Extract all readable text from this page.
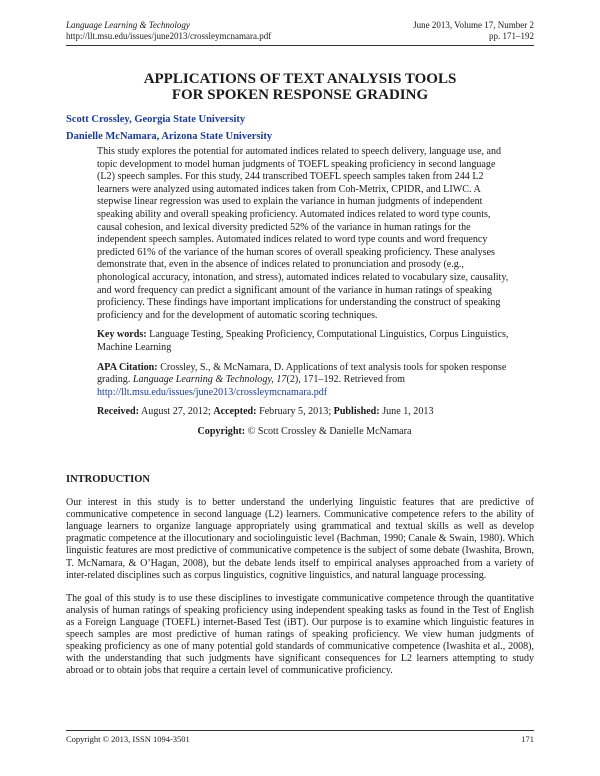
Language Learning & Technology	June 2013, Volume 17, Number 2
http://llt.msu.edu/issues/june2013/crossleymcnamara.pdf	pp. 171–192
APPLICATIONS OF TEXT ANALYSIS TOOLS
FOR SPOKEN RESPONSE GRADING
Scott Crossley, Georgia State University
Danielle McNamara, Arizona State University

This study explores the potential for automated indices related to speech delivery, language use, and topic development to model human judgments of TOEFL speaking proficiency in second language (L2) speech samples. For this study, 244 transcribed TOEFL speech samples taken from 244 L2 learners were analyzed using automated indices taken from Coh-Metrix, CPIDR, and LIWC. A stepwise linear regression was used to explain the variance in human judgments of independent speaking ability and overall speaking proficiency. Automated indices related to word type counts, causal cohesion, and lexical diversity predicted 52% of the variance in human ratings for the independent speech samples. Automated indices related to word type counts and word frequency predicted 61% of the variance of the human scores of overall speaking proficiency. These analyses demonstrate that, even in the absence of indices related to pronunciation and prosody (e.g., phonological accuracy, intonation, and stress), automated indices related to vocabulary size, causality, and word frequency can predict a significant amount of the variance in human ratings of speaking proficiency. These findings have important implications for understanding the construct of speaking proficiency and for the development of automatic scoring techniques.

Key words: Language Testing, Speaking Proficiency, Computational Linguistics, Corpus Linguistics, Machine Learning

APA Citation: Crossley, S., & McNamara, D. Applications of text analysis tools for spoken response grading. Language Learning & Technology, 17(2), 171–192. Retrieved from http://llt.msu.edu/issues/june2013/crossleymcnamara.pdf

Received: August 27, 2012; Accepted: February 5, 2013; Published: June 1, 2013

Copyright: © Scott Crossley & Danielle McNamara

INTRODUCTION

Our interest in this study is to better understand the underlying linguistic features that are predictive of communicative competence in second language (L2) learners. Communicative competence refers to the ability of language learners to organize language appropriately using grammatical and textual skills as well as develop pragmatic competence at the illocutionary and sociolinguistic level (Bachman, 1990; Canale & Swain, 1980). Which linguistic features are most predictive of communicative competence is the subject of some debate (Iwashita, Brown, T. McNamara, & O’Hagan, 2008), but the debate lends itself to empirical analyses approached from a variety of inter-related disciplines such as corpus linguistics, cognitive linguistics, and natural language processing.

The goal of this study is to use these disciplines to investigate communicative competence through the quantitative analysis of human ratings of speaking proficiency using independent speaking tasks as found in the Test of English as a Foreign Language (TOEFL) internet-Based Test (iBT). Our purpose is to examine which linguistic features in speech samples are most predictive of human ratings of speaking proficiency. We view human judgments of speaking proficiency as one of many potential gold standards of communicative competence (Iwashita et al., 2008), with the understanding that such judgments have significant consequences for L2 learners attempting to study abroad or to obtain jobs that require a certain level of communicative proficiency.

Copyright © 2013, ISSN 1094-3501	171
